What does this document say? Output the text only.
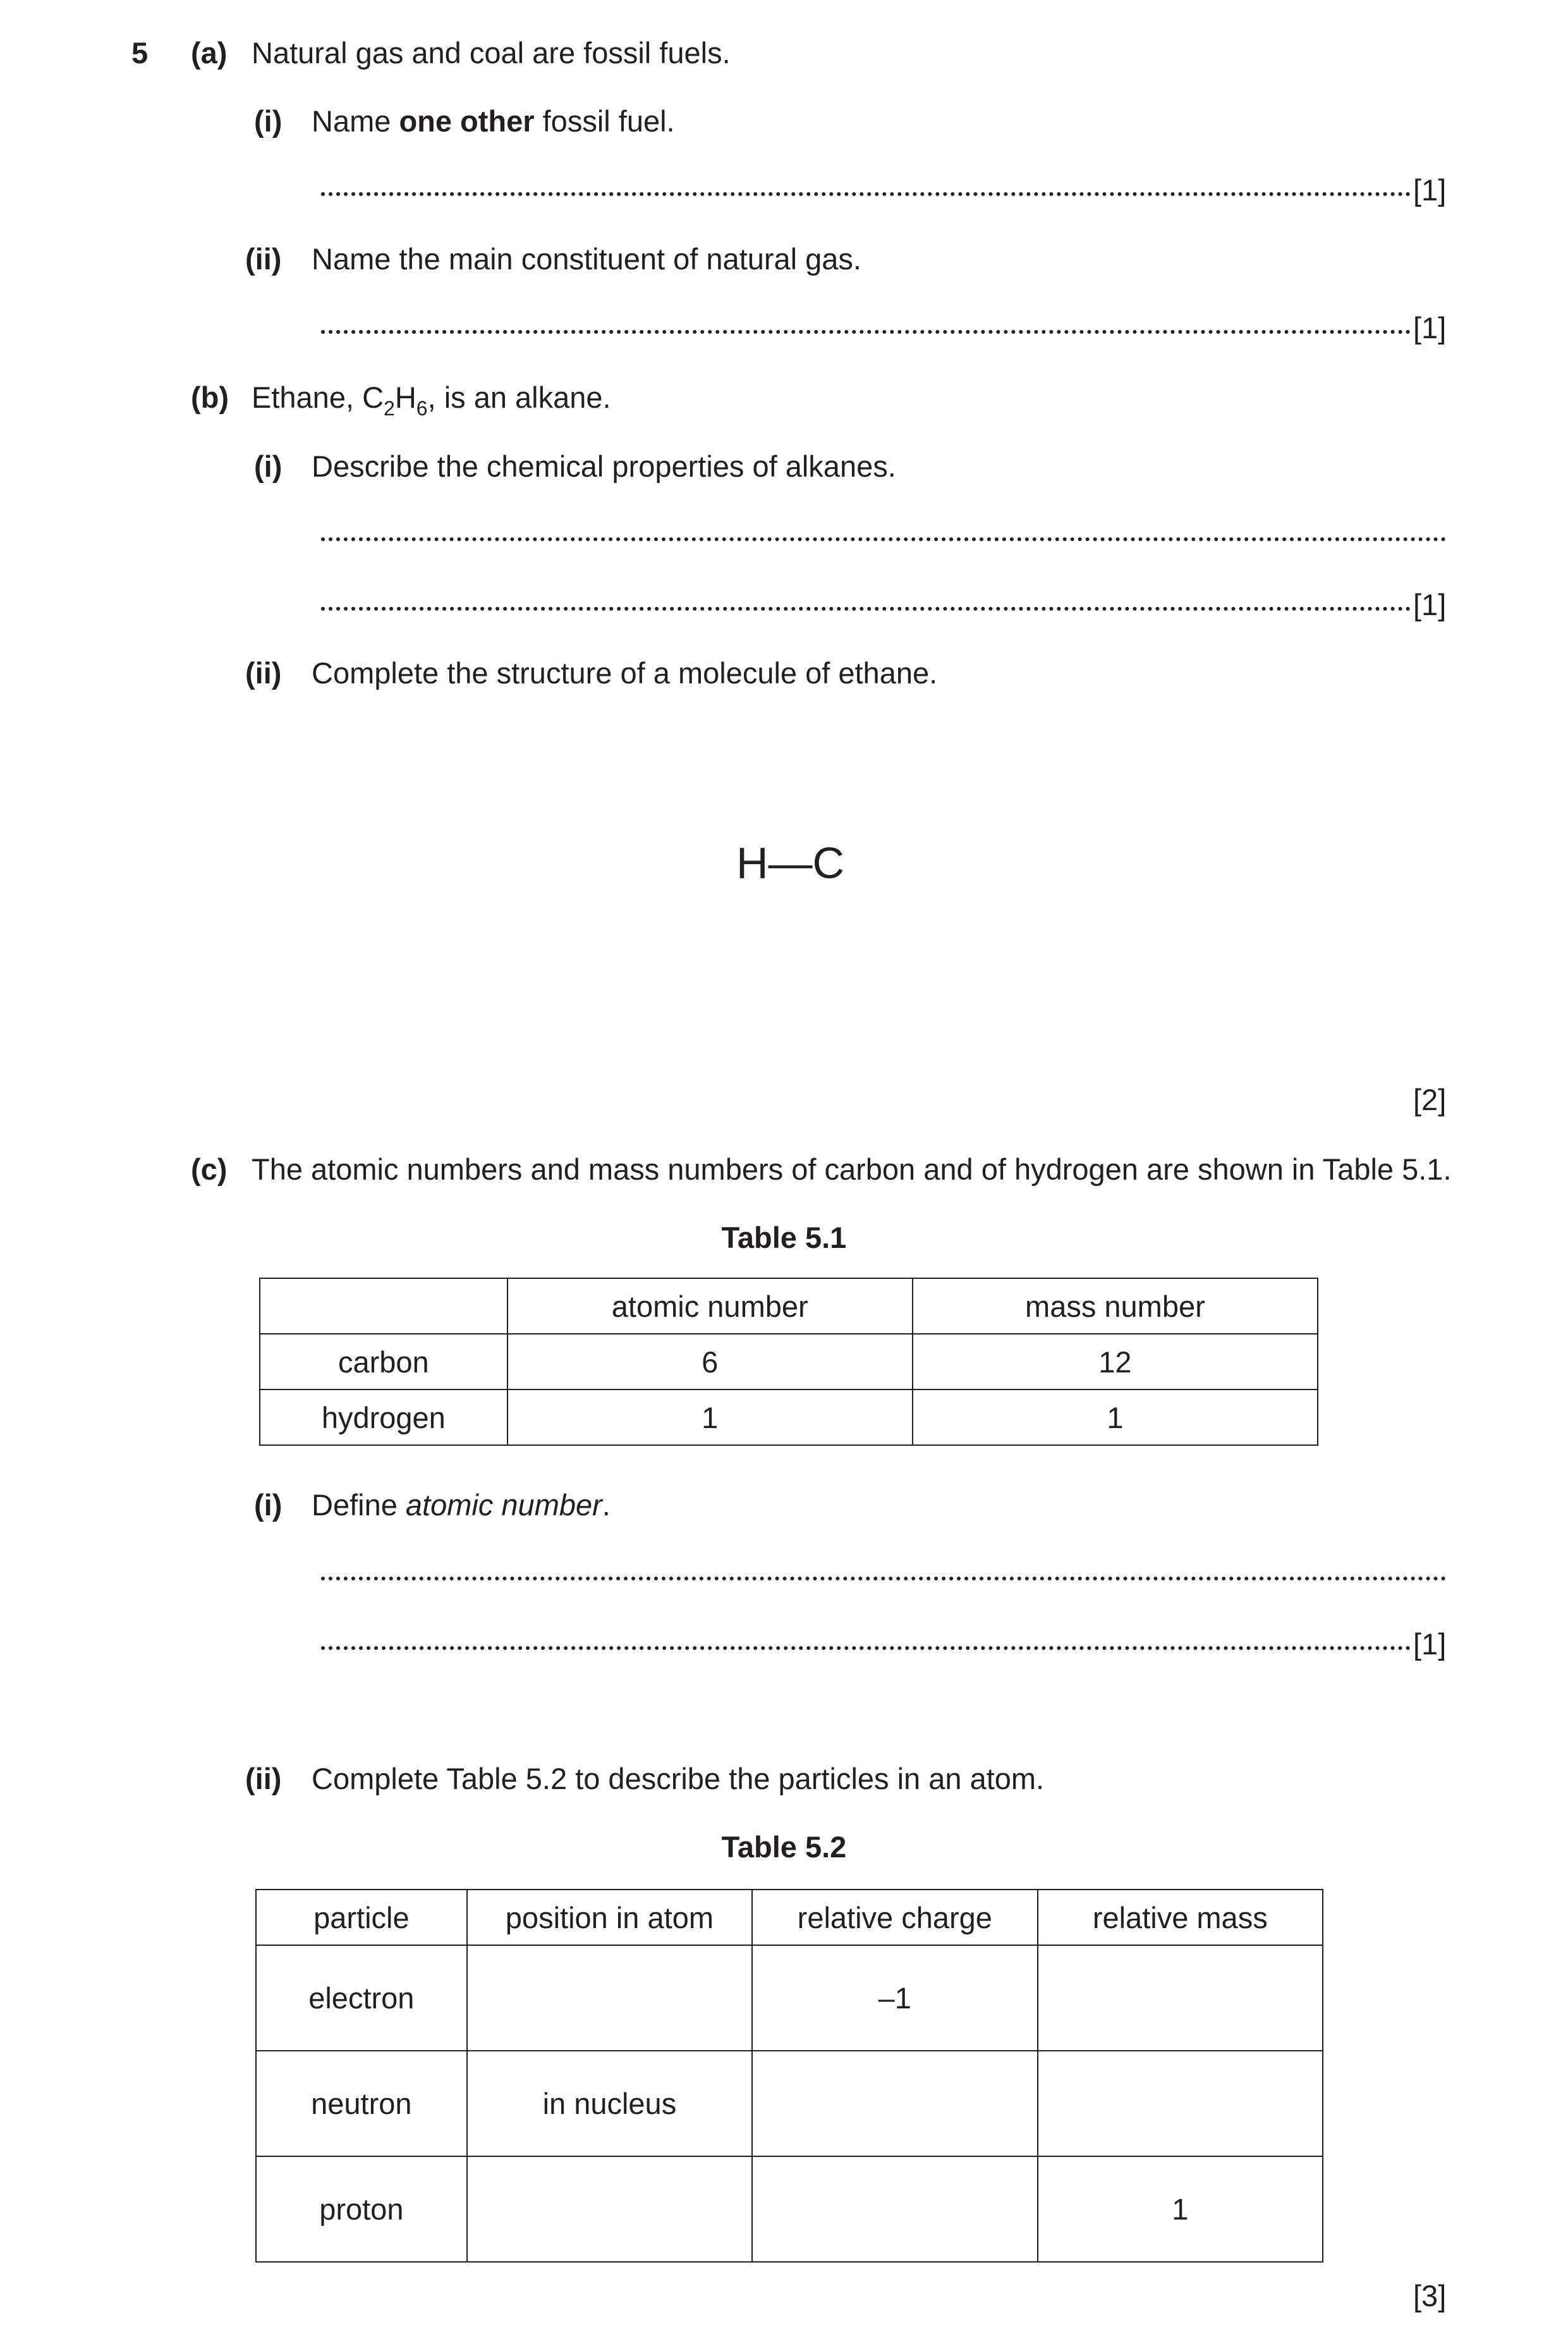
5 (a) Natural gas and coal are fossil fuels.
(i) Name one other fossil fuel.
[1]
(ii) Name the main constituent of natural gas.
[1]
(b) Ethane, $C_2H_6$, is an alkane.
(i) Describe the chemical properties of alkanes.
[1]
(ii) Complete the structure of a molecule of ethane.
H—C
[2]
(c) The atomic numbers and mass numbers of carbon and of hydrogen are shown in Table 5.1.
Table 5.1
	atomic number	mass number
carbon	6	12
hydrogen	1	1
(i) Define atomic number.
[1]
(ii) Complete Table 5.2 to describe the particles in an atom.
Table 5.2
particle	position in atom	relative charge	relative mass
electron		–1	
neutron	in nucleus		
proton			1
[3]
